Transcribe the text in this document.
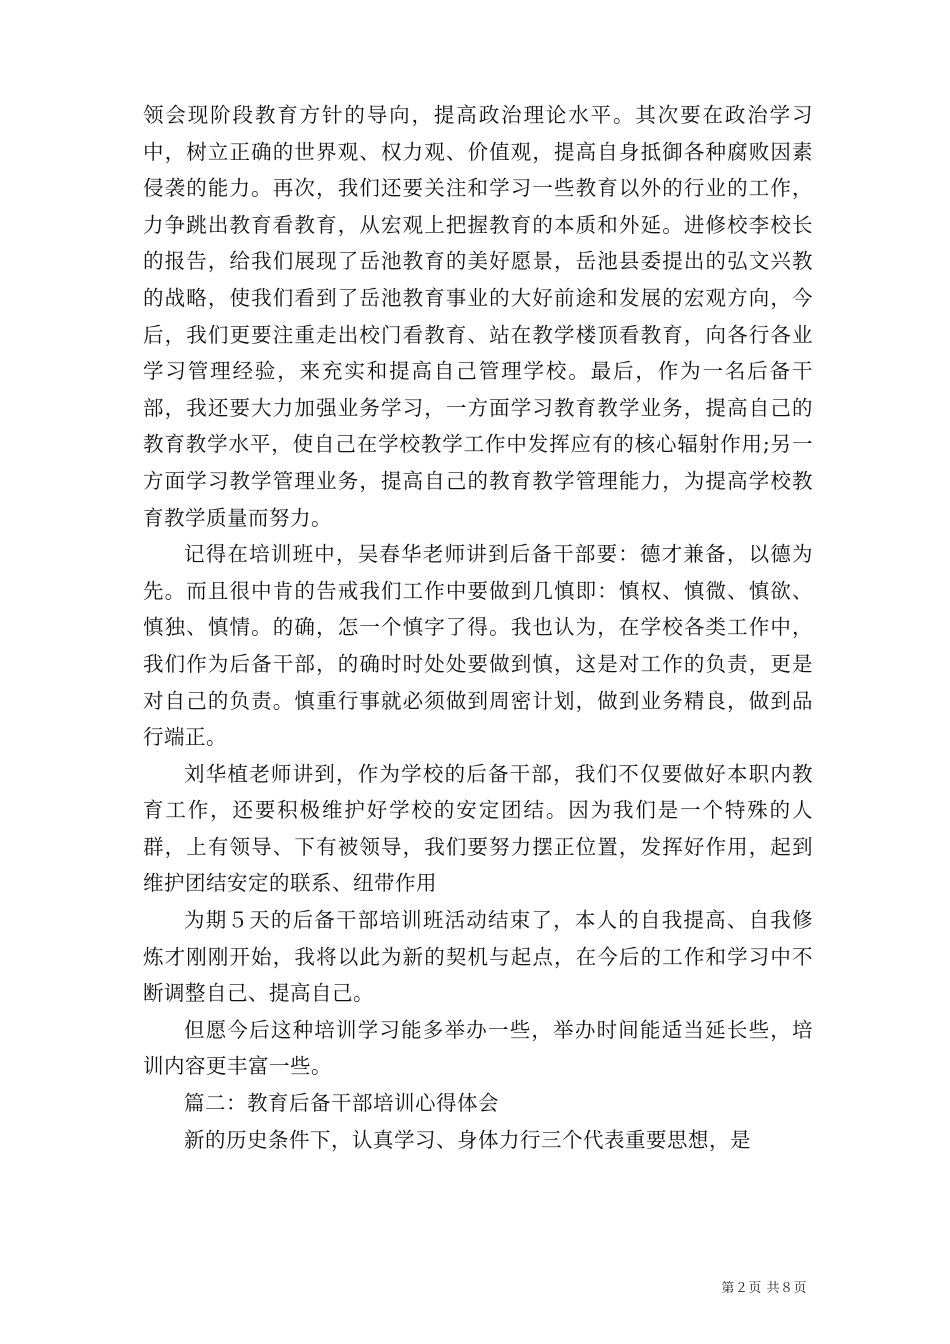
领会现阶段教育方针的导向，提高政治理论水平。其次要在政治学习中，树立正确的世界观、权力观、价值观，提高自身抵御各种腐败因素侵袭的能力。再次，我们还要关注和学习一些教育以外的行业的工作，力争跳出教育看教育，从宏观上把握教育的本质和外延。进修校李校长的报告，给我们展现了岳池教育的美好愿景，岳池县委提出的弘文兴教的战略，使我们看到了岳池教育事业的大好前途和发展的宏观方向，今后，我们更要注重走出校门看教育、站在教学楼顶看教育，向各行各业学习管理经验，来充实和提高自己管理学校。最后，作为一名后备干部，我还要大力加强业务学习，一方面学习教育教学业务，提高自己的教育教学水平，使自己在学校教学工作中发挥应有的核心辐射作用;另一方面学习教学管理业务，提高自己的教育教学管理能力，为提高学校教育教学质量而努力。

记得在培训班中，吴春华老师讲到后备干部要：德才兼备，以德为先。而且很中肯的告戒我们工作中要做到几慎即：慎权、慎微、慎欲、慎独、慎情。的确，怎一个慎字了得。我也认为，在学校各类工作中，我们作为后备干部，的确时时处处要做到慎，这是对工作的负责，更是对自己的负责。慎重行事就必须做到周密计划，做到业务精良，做到品行端正。

刘华植老师讲到，作为学校的后备干部，我们不仅要做好本职内教育工作，还要积极维护好学校的安定团结。因为我们是一个特殊的人群，上有领导、下有被领导，我们要努力摆正位置，发挥好作用，起到维护团结安定的联系、纽带作用

为期５天的后备干部培训班活动结束了，本人的自我提高、自我修炼才刚刚开始，我将以此为新的契机与起点，在今后的工作和学习中不断调整自己、提高自己。

但愿今后这种培训学习能多举办一些，举办时间能适当延长些，培训内容更丰富一些。

篇二：教育后备干部培训心得体会

新的历史条件下，认真学习、身体力行三个代表重要思想，是

第２页 共８页
